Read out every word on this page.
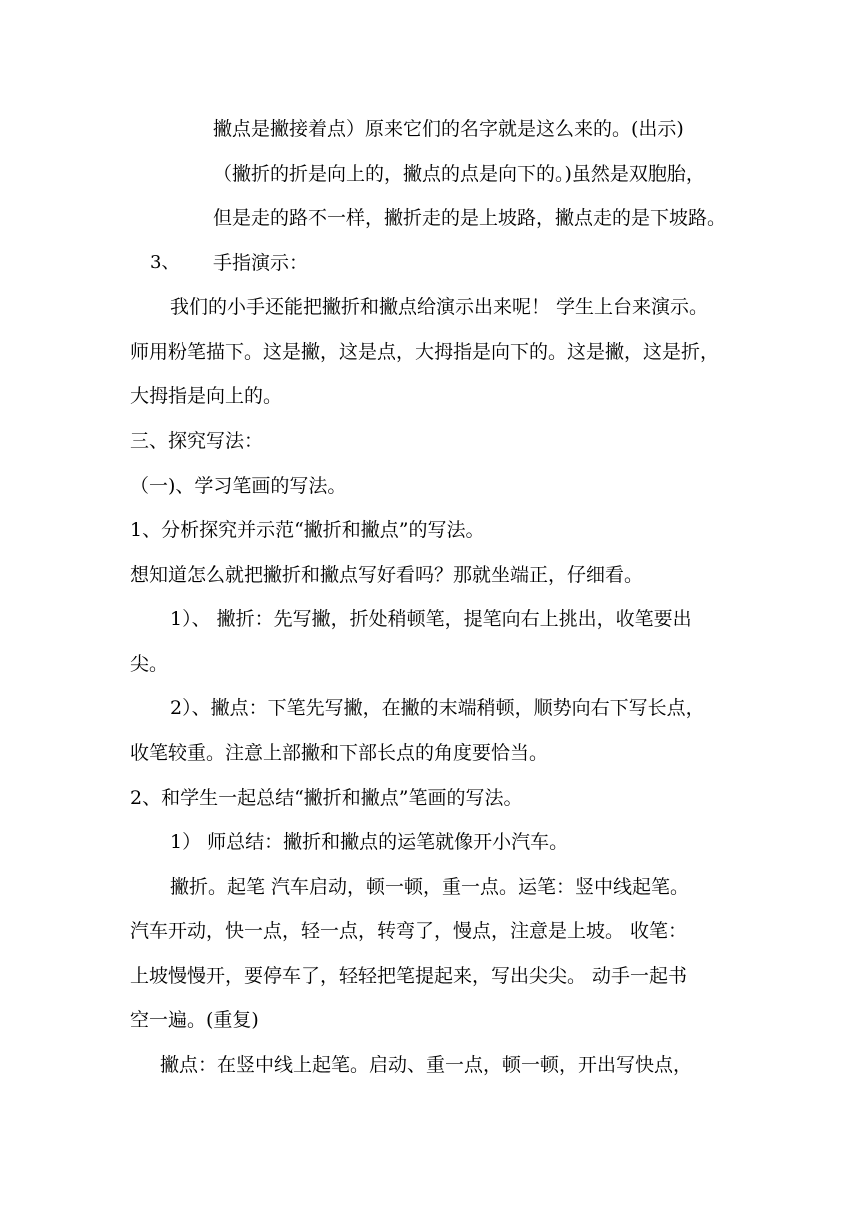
撇点是撇接着点）原来它们的名字就是这么来的。(出示)
（撇折的折是向上的，撇点的点是向下的。)虽然是双胞胎，
但是走的路不一样，撇折走的是上坡路，撇点走的是下坡路。
3、 手指演示：
我们的小手还能把撇折和撇点给演示出来呢！ 学生上台来演示。
师用粉笔描下。这是撇，这是点，大拇指是向下的。这是撇，这是折，
大拇指是向上的。
三、探究写法：
（一)、学习笔画的写法。
1、分析探究并示范“撇折和撇点”的写法。
想知道怎么就把撇折和撇点写好看吗？那就坐端正，仔细看。
1）、 撇折：先写撇，折处稍顿笔，提笔向右上挑出，收笔要出
尖。
2）、撇点：下笔先写撇，在撇的末端稍顿，顺势向右下写长点，
收笔较重。注意上部撇和下部长点的角度要恰当。
2、和学生一起总结“撇折和撇点”笔画的写法。
1） 师总结：撇折和撇点的运笔就像开小汽车。
撇折。起笔 汽车启动，顿一顿，重一点。运笔：竖中线起笔。
汽车开动，快一点，轻一点，转弯了，慢点，注意是上坡。 收笔：
上坡慢慢开，要停车了，轻轻把笔提起来，写出尖尖。 动手一起书
空一遍。(重复)
撇点：在竖中线上起笔。启动、重一点，顿一顿，开出写快点，
